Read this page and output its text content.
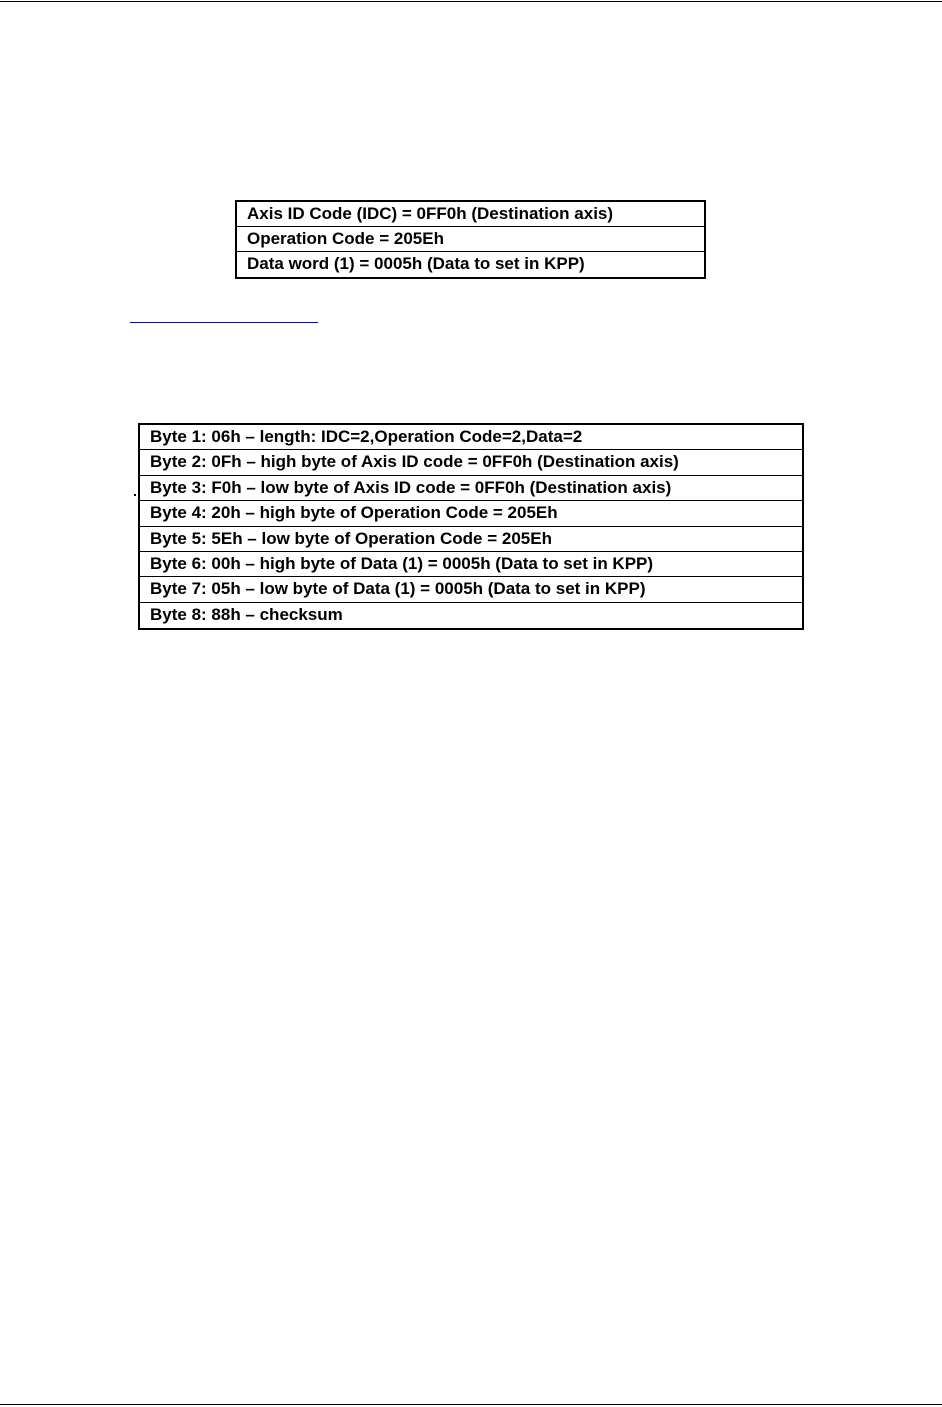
Axis ID Code (IDC) = 0FF0h (Destination axis)
Operation Code = 205Eh
Data word (1) = 0005h (Data to set in KPP)
Byte 1: 06h – length: IDC=2,Operation Code=2,Data=2
Byte 2: 0Fh – high byte of Axis ID code = 0FF0h (Destination axis)
Byte 3: F0h – low byte of Axis ID code = 0FF0h (Destination axis)
Byte 4: 20h – high byte of Operation Code = 205Eh
Byte 5: 5Eh – low byte of Operation Code = 205Eh
Byte 6: 00h – high byte of Data (1) = 0005h (Data to set in KPP)
Byte 7: 05h – low byte of Data (1) = 0005h (Data to set in KPP)
Byte 8: 88h – checksum
